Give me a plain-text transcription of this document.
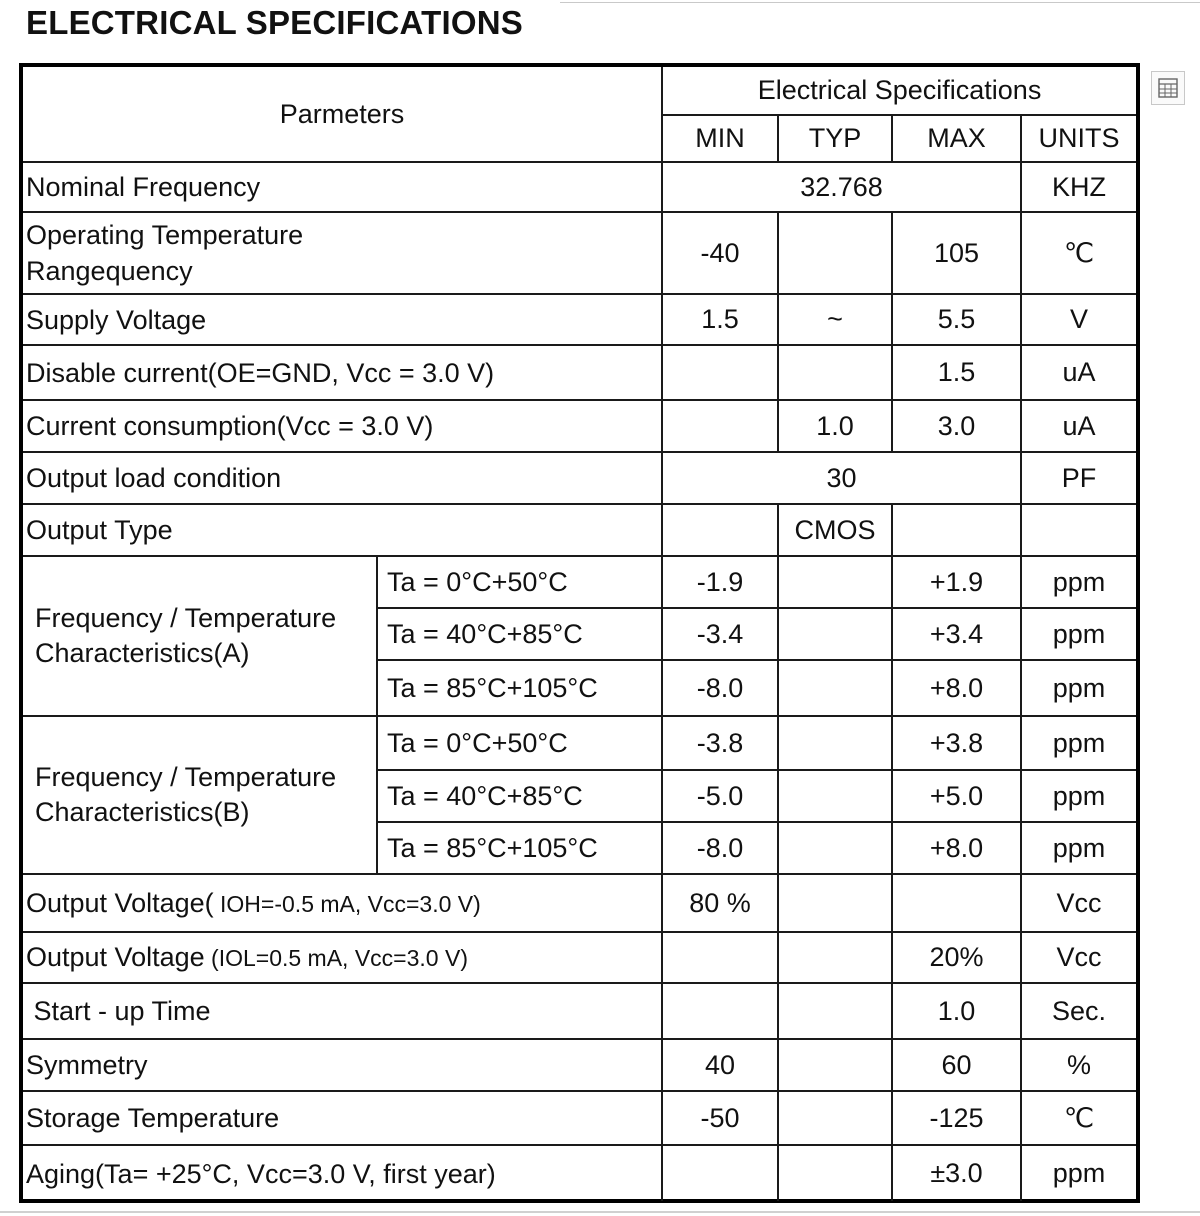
ELECTRICAL SPECIFICATIONS
Parmeters		Electrical Specifications			
		MIN	TYP	MAX	UNITS
Nominal Frequency		32.768			KHZ

Operating Temperature
Rangequency		-40		105	℃
Supply Voltage		1.5	~	5.5	V
Disable current(OE=GND, Vcc = 3.0 V)				1.5	uA
Current consumption(Vcc = 3.0 V)			1.0	3.0	uA
Output load condition		30			PF
Output Type			CMOS		

Frequency / Temperature
Characteristics(A)	Ta = 0°C+50°C	-1.9		+1.9	ppm
	Ta = 40°C+85°C	-3.4		+3.4	ppm
	Ta = 85°C+105°C	-8.0		+8.0	ppm

Frequency / Temperature
Characteristics(B)	Ta = 0°C+50°C	-3.8		+3.8	ppm
	Ta = 40°C+85°C	-5.0		+5.0	ppm
	Ta = 85°C+105°C	-8.0		+8.0	ppm
Output Voltage( IOH=-0.5 mA, Vcc=3.0 V)		80 %			Vcc
Output Voltage (IOL=0.5 mA, Vcc=3.0 V)				20%	Vcc
Start - up Time				1.0	Sec.
Symmetry		40		60	%
Storage Temperature		-50		-125	℃
Aging(Ta= +25°C, Vcc=3.0 V, first year)				±3.0	ppm
